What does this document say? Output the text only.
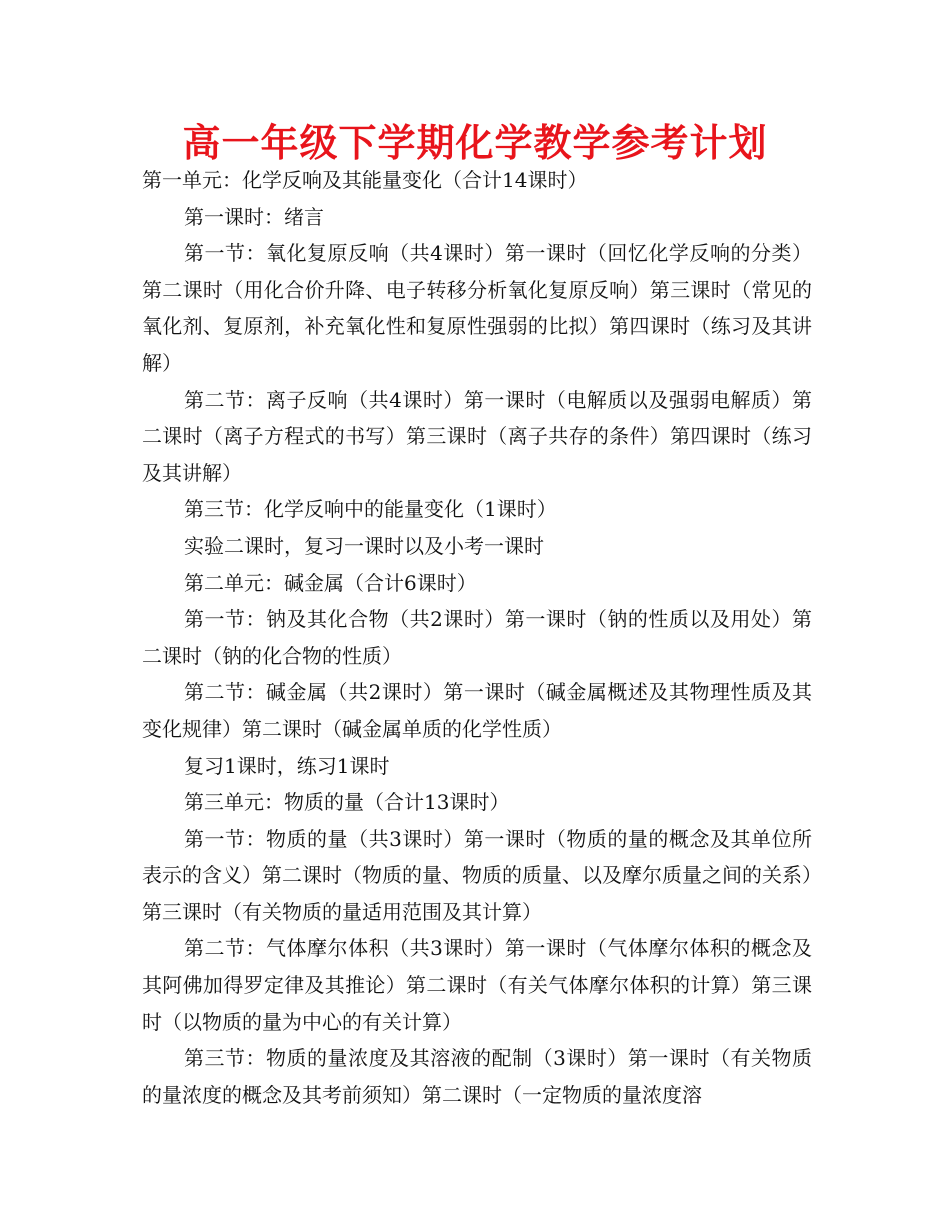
高一年级下学期化学教学参考计划

第一单元：化学反响及其能量变化（合计14课时）

第一课时：绪言

第一节：氧化复原反响（共4课时）第一课时（回忆化学反响的分类）第二课时（用化合价升降、电子转移分析氧化复原反响）第三课时（常见的氧化剂、复原剂，补充氧化性和复原性强弱的比拟）第四课时（练习及其讲解）

第二节：离子反响（共4课时）第一课时（电解质以及强弱电解质）第二课时（离子方程式的书写）第三课时（离子共存的条件）第四课时（练习及其讲解）

第三节：化学反响中的能量变化（1课时）

实验二课时，复习一课时以及小考一课时

第二单元：碱金属（合计6课时）

第一节：钠及其化合物（共2课时）第一课时（钠的性质以及用处）第二课时（钠的化合物的性质）

第二节：碱金属（共2课时）第一课时（碱金属概述及其物理性质及其变化规律）第二课时（碱金属单质的化学性质）

复习1课时，练习1课时

第三单元：物质的量（合计13课时）

第一节：物质的量（共3课时）第一课时（物质的量的概念及其单位所表示的含义）第二课时（物质的量、物质的质量、以及摩尔质量之间的关系）第三课时（有关物质的量适用范围及其计算）

第二节：气体摩尔体积（共3课时）第一课时（气体摩尔体积的概念及其阿佛加得罗定律及其推论）第二课时（有关气体摩尔体积的计算）第三课时（以物质的量为中心的有关计算）

第三节：物质的量浓度及其溶液的配制（3课时）第一课时（有关物质的量浓度的概念及其考前须知）第二课时（一定物质的量浓度溶
